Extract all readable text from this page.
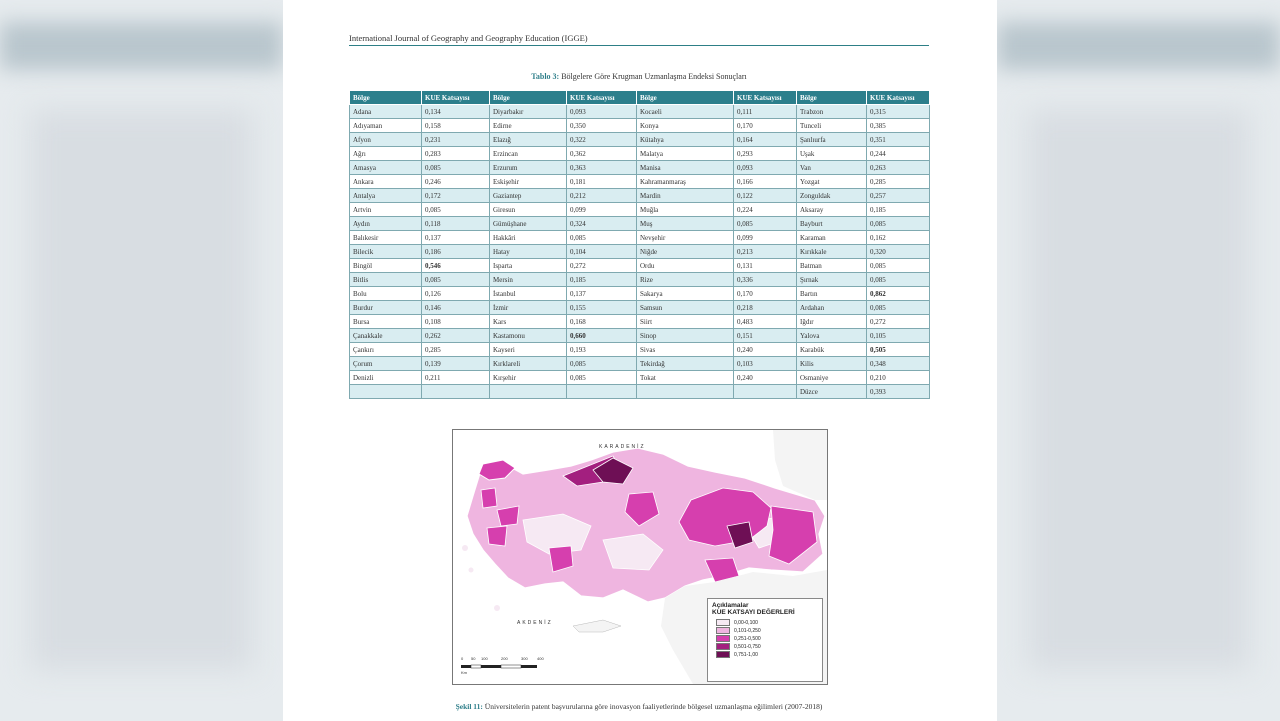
International Journal of Geography and Geography Education (IGGE)
Tablo 3: Bölgelere Göre Krugman Uzmanlaşma Endeksi Sonuçları
Bölge	KUE Katsayısı	Bölge	KUE Katsayısı	Bölge	KUE Katsayısı	Bölge	KUE Katsayısı
Adana	0,134	Diyarbakır	0,093	Kocaeli	0,111	Trabzon	0,315
Adıyaman	0,158	Edirne	0,350	Konya	0,170	Tunceli	0,385
Afyon	0,231	Elazığ	0,322	Kütahya	0,164	Şanlıurfa	0,351
Ağrı	0,283	Erzincan	0,362	Malatya	0,293	Uşak	0,244
Amasya	0,085	Erzurum	0,363	Manisa	0,093	Van	0,263
Ankara	0,246	Eskişehir	0,181	Kahramanmaraş	0,166	Yozgat	0,285
Antalya	0,172	Gaziantep	0,212	Mardin	0,122	Zonguldak	0,257
Artvin	0,085	Giresun	0,099	Muğla	0,224	Aksaray	0,185
Aydın	0,118	Gümüşhane	0,324	Muş	0,085	Bayburt	0,085
Balıkesir	0,137	Hakkâri	0,085	Nevşehir	0,099	Karaman	0,162
Bilecik	0,186	Hatay	0,104	Niğde	0,213	Kırıkkale	0,320
Bingöl	0,546	Isparta	0,272	Ordu	0,131	Batman	0,085
Bitlis	0,085	Mersin	0,185	Rize	0,336	Şırnak	0,085
Bolu	0,126	İstanbul	0,137	Sakarya	0,170	Bartın	0,862
Burdur	0,146	İzmir	0,155	Samsun	0,218	Ardahan	0,085
Bursa	0,108	Kars	0,168	Siirt	0,483	Iğdır	0,272
Çanakkale	0,262	Kastamonu	0,660	Sinop	0,151	Yalova	0,105
Çankırı	0,285	Kayseri	0,193	Sivas	0,240	Karabük	0,505
Çorum	0,139	Kırklareli	0,085	Tekirdağ	0,103	Kilis	0,348
Denizli	0,211	Kırşehir	0,085	Tokat	0,240	Osmaniye	0,210
						Düzce	0,393
KARADENİZ
AKDENİZ
Açıklamalar
KUE KATSAYI DEĞERLERİ
0,00-0,100
0,101-0,250
0,251-0,500
0,501-0,750
0,751-1,00
0 50 100	200	300 400
Km
Şekil 11: Üniversitelerin patent başvurularına göre inovasyon faaliyetlerinde bölgesel uzmanlaşma eğilimleri (2007-2018)
